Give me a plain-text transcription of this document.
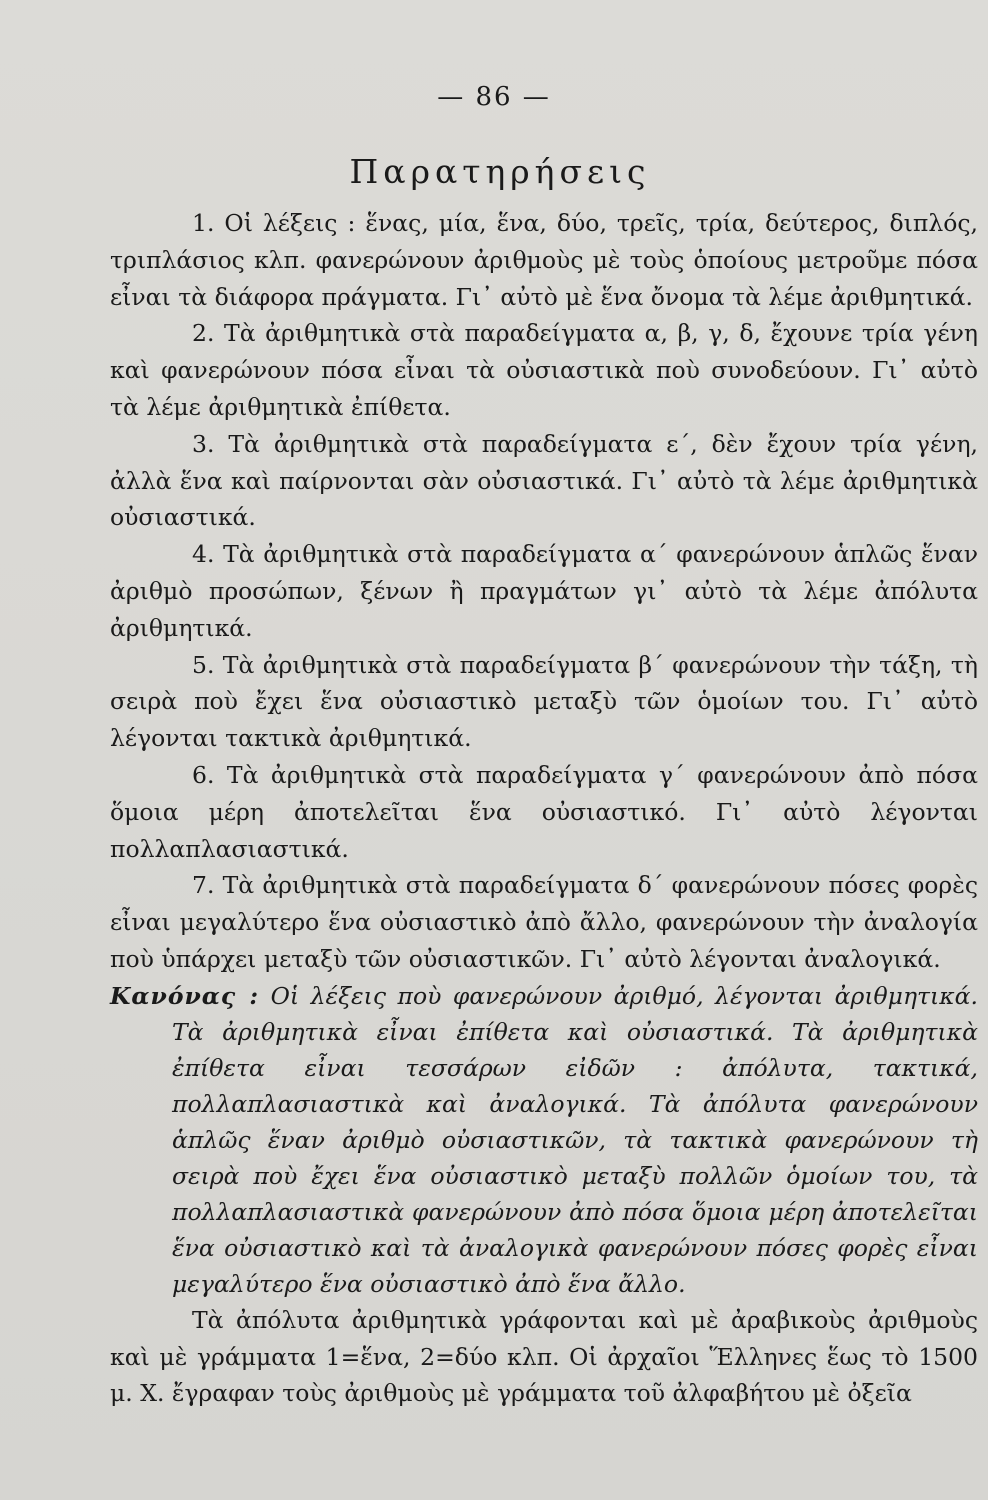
— 86 —
Παρατηρήσεις

1. Οἱ λέξεις : ἕνας, μία, ἕνα, δύο, τρεῖς, τρία, δεύτερος, διπλός, τριπλάσιος κλπ. φανερώνουν ἀριθμοὺς μὲ τοὺς ὁποίους μετροῦμε πόσα εἶναι τὰ διάφορα πράγματα. Γι᾿ αὐτὸ μὲ ἕνα ὄνομα τὰ λέμε ἀριθμητικά.

2. Τὰ ἀριθμητικὰ στὰ παραδείγματα α, β, γ, δ, ἔχουνε τρία γένη καὶ φανερώνουν πόσα εἶναι τὰ οὐσιαστικὰ ποὺ συνοδεύουν. Γι᾿ αὐτὸ τὰ λέμε ἀριθμητικὰ ἐπίθετα.

3. Τὰ ἀριθμητικὰ στὰ παραδείγματα ε΄, δὲν ἔχουν τρία γένη, ἀλλὰ ἕνα καὶ παίρνονται σὰν οὐσιαστικά. Γι᾿ αὐτὸ τὰ λέμε ἀριθμητικὰ οὐσιαστικά.

4. Τὰ ἀριθμητικὰ στὰ παραδείγματα α΄ φανερώνουν ἁπλῶς ἕναν ἀριθμὸ προσώπων, ξένων ἢ πραγμάτων γι᾿ αὐτὸ τὰ λέμε ἀπόλυτα ἀριθμητικά.

5. Τὰ ἀριθμητικὰ στὰ παραδείγματα β΄ φανερώνουν τὴν τάξη, τὴ σειρὰ ποὺ ἔχει ἕνα οὐσιαστικὸ μεταξὺ τῶν ὁμοίων του. Γι᾿ αὐτὸ λέγονται τακτικὰ ἀριθμητικά.

6. Τὰ ἀριθμητικὰ στὰ παραδείγματα γ΄ φανερώνουν ἀπὸ πόσα ὅμοια μέρη ἀποτελεῖται ἕνα οὐσιαστικό. Γι᾿ αὐτὸ λέγονται πολλαπλασιαστικά.

7. Τὰ ἀριθμητικὰ στὰ παραδείγματα δ΄ φανερώνουν πόσες φορὲς εἶναι μεγαλύτερο ἕνα οὐσιαστικὸ ἀπὸ ἄλλο, φανερώνουν τὴν ἀναλογία ποὺ ὑπάρχει μεταξὺ τῶν οὐσιαστικῶν. Γι᾿ αὐτὸ λέγονται ἀναλογικά.

Κανόνας : Οἱ λέξεις ποὺ φανερώνουν ἀριθμό, λέγονται ἀριθμητικά. Τὰ ἀριθμητικὰ εἶναι ἐπίθετα καὶ οὐσιαστικά. Τὰ ἀριθμητικὰ ἐπίθετα εἶναι τεσσάρων εἰδῶν : ἀπόλυτα, τακτικά, πολλαπλασιαστικὰ καὶ ἀναλογικά. Τὰ ἀπόλυτα φανερώνουν ἁπλῶς ἕναν ἀριθμὸ οὐσιαστικῶν, τὰ τακτικὰ φανερώνουν τὴ σειρὰ ποὺ ἔχει ἕνα οὐσιαστικὸ μεταξὺ πολλῶν ὁμοίων του, τὰ πολλαπλασιαστικὰ φανερώνουν ἀπὸ πόσα ὅμοια μέρη ἀποτελεῖται ἕνα οὐσιαστικὸ καὶ τὰ ἀναλογικὰ φανερώνουν πόσες φορὲς εἶναι μεγαλύτερο ἕνα οὐσιαστικὸ ἀπὸ ἕνα ἄλλο.

Τὰ ἀπόλυτα ἀριθμητικὰ γράφονται καὶ μὲ ἀραβικοὺς ἀριθμοὺς καὶ μὲ γράμματα 1=ἕνα, 2=δύο κλπ. Οἱ ἀρχαῖοι Ἕλληνες ἕως τὸ 1500 μ. Χ. ἔγραφαν τοὺς ἀριθμοὺς μὲ γράμματα τοῦ ἀλφαβήτου μὲ ὀξεῖα
